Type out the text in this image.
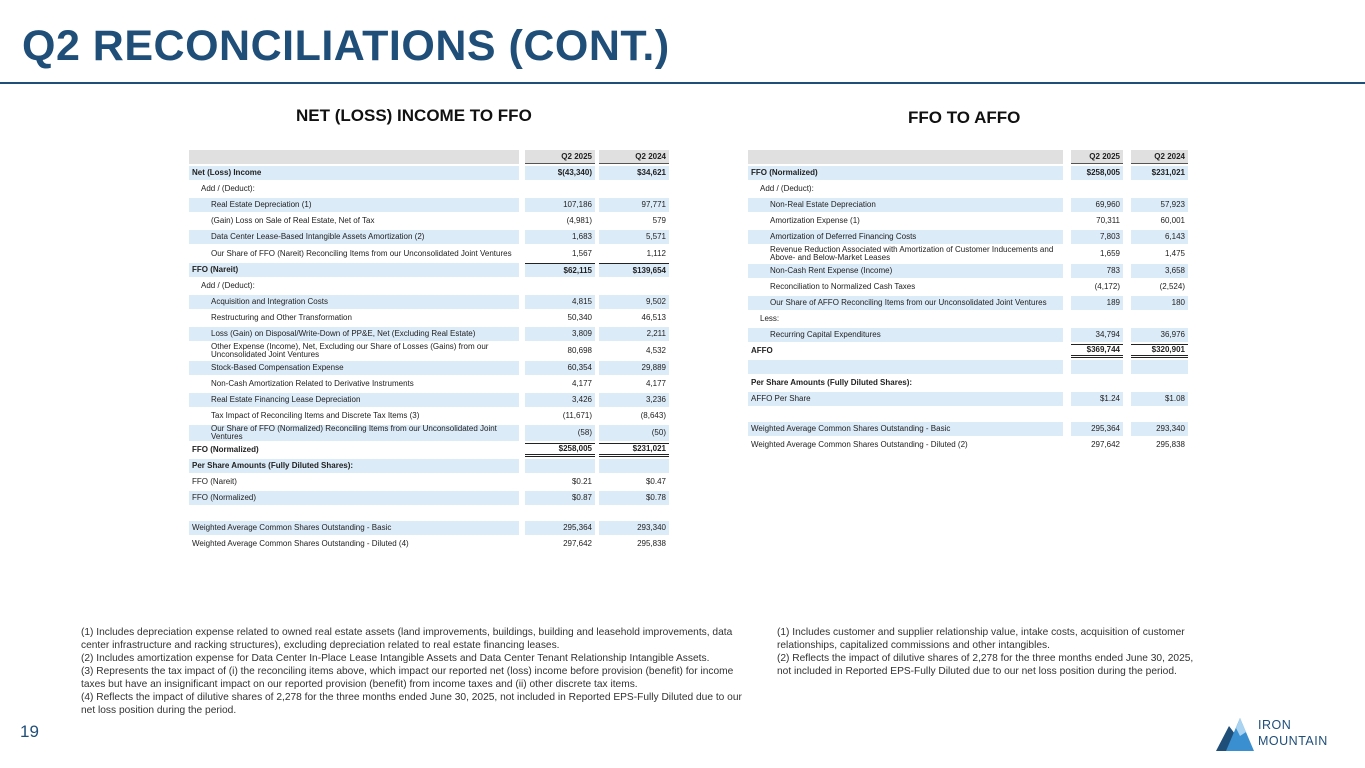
Q2 RECONCILIATIONS (CONT.)
NET (LOSS) INCOME TO FFO	FFO TO AFFO
		Q2 2025		Q2 2024
Net (Loss) Income		$(43,340)		$34,621
Add / (Deduct):				
Real Estate Depreciation (1)		107,186		97,771
(Gain) Loss on Sale of Real Estate, Net of Tax		(4,981)		579
Data Center Lease-Based Intangible Assets Amortization (2)		1,683		5,571
Our Share of FFO (Nareit) Reconciling Items from our Unconsolidated Joint Ventures		1,567		1,112
FFO (Nareit)		$62,115		$139,654
Add / (Deduct):				
Acquisition and Integration Costs		4,815		9,502
Restructuring and Other Transformation		50,340		46,513
Loss (Gain) on Disposal/Write-Down of PP&E, Net (Excluding Real Estate)		3,809		2,211
Other Expense (Income), Net, Excluding our Share of Losses (Gains) from our Unconsolidated Joint Ventures		80,698		4,532
Stock-Based Compensation Expense		60,354		29,889
Non-Cash Amortization Related to Derivative Instruments		4,177		4,177
Real Estate Financing Lease Depreciation		3,426		3,236
Tax Impact of Reconciling Items and Discrete Tax Items (3)		(11,671)		(8,643)
Our Share of FFO (Normalized) Reconciling Items from our Unconsolidated Joint Ventures		(58)		(50)
FFO (Normalized)		$258,005		$231,021
Per Share Amounts (Fully Diluted Shares):				
FFO (Nareit)		$0.21		$0.47
FFO (Normalized)		$0.87		$0.78

Weighted Average Common Shares Outstanding - Basic		295,364		293,340
Weighted Average Common Shares Outstanding - Diluted (4)		297,642		295,838
		Q2 2025		Q2 2024
FFO (Normalized)		$258,005		$231,021
Add / (Deduct):				
Non-Real Estate Depreciation		69,960		57,923
Amortization Expense (1)		70,311		60,001
Amortization of Deferred Financing Costs		7,803		6,143
Revenue Reduction Associated with Amortization of Customer Inducements and Above- and Below-Market Leases		1,659		1,475
Non-Cash Rent Expense (Income)		783		3,658
Reconciliation to Normalized Cash Taxes		(4,172)		(2,524)
Our Share of AFFO Reconciling Items from our Unconsolidated Joint Ventures		189		180
Less:				
Recurring Capital Expenditures		34,794		36,976
AFFO		$369,744		$320,901

Per Share Amounts (Fully Diluted Shares):				
AFFO Per Share		$1.24		$1.08

Weighted Average Common Shares Outstanding - Basic		295,364		293,340
Weighted Average Common Shares Outstanding - Diluted (2)		297,642		295,838

(1) Includes depreciation expense related to owned real estate assets (land improvements, buildings, building and leasehold improvements, data center infrastructure and racking structures), excluding depreciation related to real estate financing leases.

(2) Includes amortization expense for Data Center In-Place Lease Intangible Assets and Data Center Tenant Relationship Intangible Assets.

(3) Represents the tax impact of (i) the reconciling items above, which impact our reported net (loss) income before provision (benefit) for income taxes but have an insignificant impact on our reported provision (benefit) from income taxes and (ii) other discrete tax items.

(4) Reflects the impact of dilutive shares of 2,278 for the three months ended June 30, 2025, not included in Reported EPS-Fully Diluted due to our net loss position during the period.

(1) Includes customer and supplier relationship value, intake costs, acquisition of customer relationships, capitalized commissions and other intangibles.

(2) Reflects the impact of dilutive shares of 2,278 for the three months ended June 30, 2025, not included in Reported EPS-Fully Diluted due to our net loss position during the period.

19	IRON
MOUNTAIN
